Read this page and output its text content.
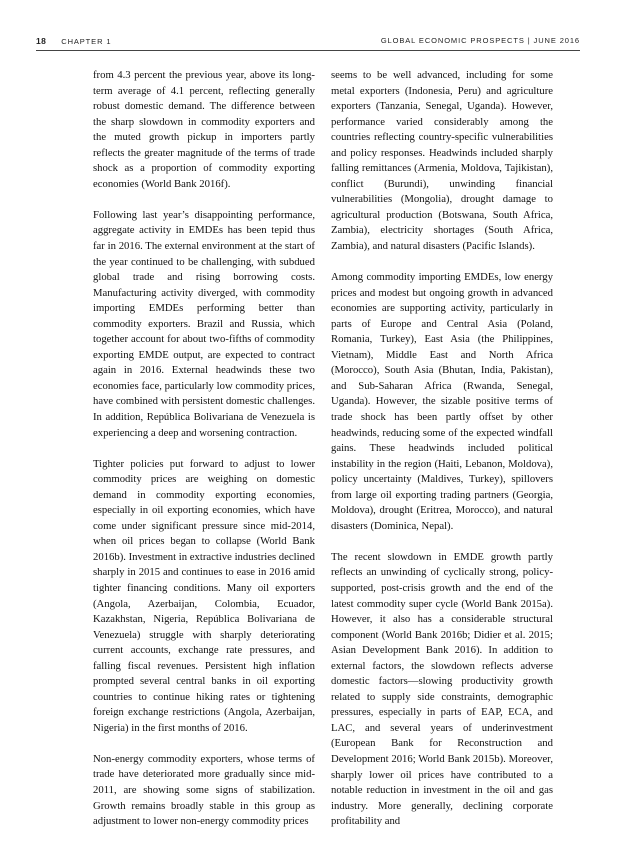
18 CHAPTER 1	GLOBAL ECONOMIC PROSPECTS | JUNE 2016

from 4.3 percent the previous year, above its long-term average of 4.1 percent, reflecting generally robust domestic demand. The difference between the sharp slowdown in commodity exporters and the muted growth pickup in importers partly reflects the greater magnitude of the terms of trade shock as a proportion of commodity exporting economies (World Bank 2016f).

Following last year’s disappointing performance, aggregate activity in EMDEs has been tepid thus far in 2016. The external environment at the start of the year continued to be challenging, with subdued global trade and rising borrowing costs. Manufacturing activity diverged, with commodity importing EMDEs performing better than commodity exporters. Brazil and Russia, which together account for about two-fifths of commodity exporting EMDE output, are expected to contract again in 2016. External headwinds these two economies face, particularly low commodity prices, have combined with persistent domestic challenges. In addition, República Bolivariana de Venezuela is experiencing a deep and worsening contraction.

Tighter policies put forward to adjust to lower commodity prices are weighing on domestic demand in commodity exporting economies, especially in oil exporting economies, which have come under significant pressure since mid-2014, when oil prices began to collapse (World Bank 2016b). Investment in extractive industries declined sharply in 2015 and continues to ease in 2016 amid tighter financing conditions. Many oil exporters (Angola, Azerbaijan, Colombia, Ecuador, Kazakhstan, Nigeria, República Bolivariana de Venezuela) struggle with sharply deteriorating current accounts, exchange rate pressures, and falling fiscal revenues. Persistent high inflation prompted several central banks in oil exporting countries to continue hiking rates or tightening foreign exchange restrictions (Angola, Azerbaijan, Nigeria) in the first months of 2016.

Non-energy commodity exporters, whose terms of trade have deteriorated more gradually since mid-2011, are showing some signs of stabilization. Growth remains broadly stable in this group as adjustment to lower non-energy commodity prices

seems to be well advanced, including for some metal exporters (Indonesia, Peru) and agriculture exporters (Tanzania, Senegal, Uganda). However, performance varied considerably among the countries reflecting country-specific vulnerabilities and policy responses. Headwinds included sharply falling remittances (Armenia, Moldova, Tajikistan), conflict (Burundi), unwinding financial vulnerabilities (Mongolia), drought damage to agricultural production (Botswana, South Africa, Zambia), electricity shortages (South Africa, Zambia), and natural disasters (Pacific Islands).

Among commodity importing EMDEs, low energy prices and modest but ongoing growth in advanced economies are supporting activity, particularly in parts of Europe and Central Asia (Poland, Romania, Turkey), East Asia (the Philippines, Vietnam), Middle East and North Africa (Morocco), South Asia (Bhutan, India, Pakistan), and Sub-Saharan Africa (Rwanda, Senegal, Uganda). However, the sizable positive terms of trade shock has been partly offset by other headwinds, reducing some of the expected windfall gains. These headwinds included political instability in the region (Haiti, Lebanon, Moldova), policy uncertainty (Maldives, Turkey), spillovers from large oil exporting trading partners (Georgia, Moldova), drought (Eritrea, Morocco), and natural disasters (Dominica, Nepal).

The recent slowdown in EMDE growth partly reflects an unwinding of cyclically strong, policy-supported, post-crisis growth and the end of the latest commodity super cycle (World Bank 2015a). However, it also has a considerable structural component (World Bank 2016b; Didier et al. 2015; Asian Development Bank 2016). In addition to external factors, the slowdown reflects adverse domestic factors—slowing productivity growth related to supply side constraints, demographic pressures, especially in parts of EAP, ECA, and LAC, and several years of underinvestment (European Bank for Reconstruction and Development 2016; World Bank 2015b). Moreover, sharply lower oil prices have contributed to a notable reduction in investment in the oil and gas industry. More generally, declining corporate profitability and
